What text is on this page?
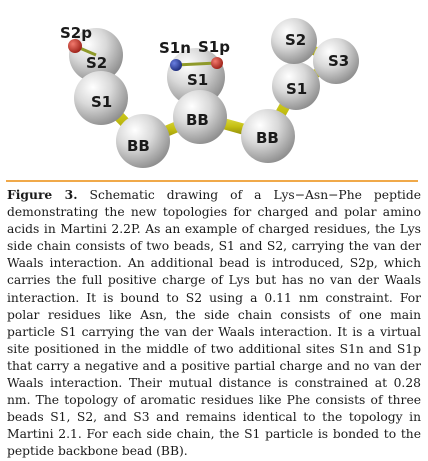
S2p
S2
S1
BB
S1n S1p
S1
BB
BB
S1
S2
S3

Figure 3. Schematic drawing of a Lys−Asn−Phe peptide demonstrating the new topologies for charged and polar amino acids in Martini 2.2P. As an example of charged residues, the Lys side chain consists of two beads, S1 and S2, carrying the van der Waals interaction. An additional bead is introduced, S2p, which carries the full positive charge of Lys but has no van der Waals interaction. It is bound to S2 using a 0.11 nm constraint. For polar residues like Asn, the side chain consists of one main particle S1 carrying the van der Waals interaction. It is a virtual site positioned in the middle of two additional sites S1n and S1p that carry a negative and a positive partial charge and no van der Waals interaction. Their mutual distance is constrained at 0.28 nm. The topology of aromatic residues like Phe consists of three beads S1, S2, and S3 and remains identical to the topology in Martini 2.1. For each side chain, the S1 particle is bonded to the peptide backbone bead (BB).
